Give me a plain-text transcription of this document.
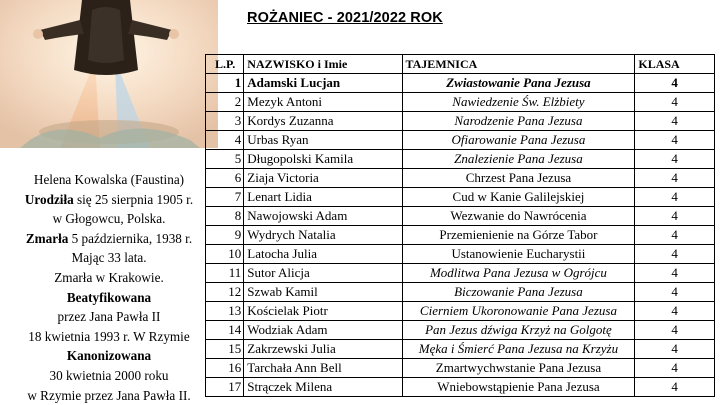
Helena Kowalska (Faustina)
Urodziła się 25 sierpnia 1905 r.
w Głogowcu, Polska.
Zmarła 5 października, 1938 r.
Mając 33 lata.
Zmarła w Krakowie.
Beatyfikowana
przez Jana Pawła II
18 kwietnia 1993 r. W Rzymie
Kanonizowana
30 kwietnia 2000 roku
w Rzymie przez Jana Pawła II.
ROŻANIEC - 2021/2022 ROK
L.P.	NAZWISKO i Imie	TAJEMNICA	KLASA
1	Adamski Lucjan	Zwiastowanie Pana Jezusa	4
2	Mezyk Antoni	Nawiedzenie Św. Elżbiety	4
3	Kordys Zuzanna	Narodzenie Pana Jezusa	4
4	Urbas Ryan	Ofiarowanie Pana Jezusa	4
5	Długopolski Kamila	Znalezienie Pana Jezusa	4
6	Ziaja Victoria	Chrzest Pana Jezusa	4
7	Lenart Lidia	Cud w Kanie Galilejskiej	4
8	Nawojowski Adam	Wezwanie do Nawrócenia	4
9	Wydrych Natalia	Przemienienie na Górze Tabor	4
10	Latocha Julia	Ustanowienie Eucharystii	4
11	Sutor Alicja	Modlitwa Pana Jezusa w Ogrójcu	4
12	Szwab Kamil	Biczowanie Pana Jezusa	4
13	Kościelak Piotr	Cierniem Ukoronowanie Pana Jezusa	4
14	Wodziak Adam	Pan Jezus dźwiga Krzyż na Golgotę	4
15	Zakrzewski Julia	Męka i Śmierć Pana Jezusa na Krzyżu	4
16	Tarchała Ann Bell	Zmartwychwstanie Pana Jezusa	4
17	Strączek Milena	Wniebowstąpienie Pana Jezusa	4
